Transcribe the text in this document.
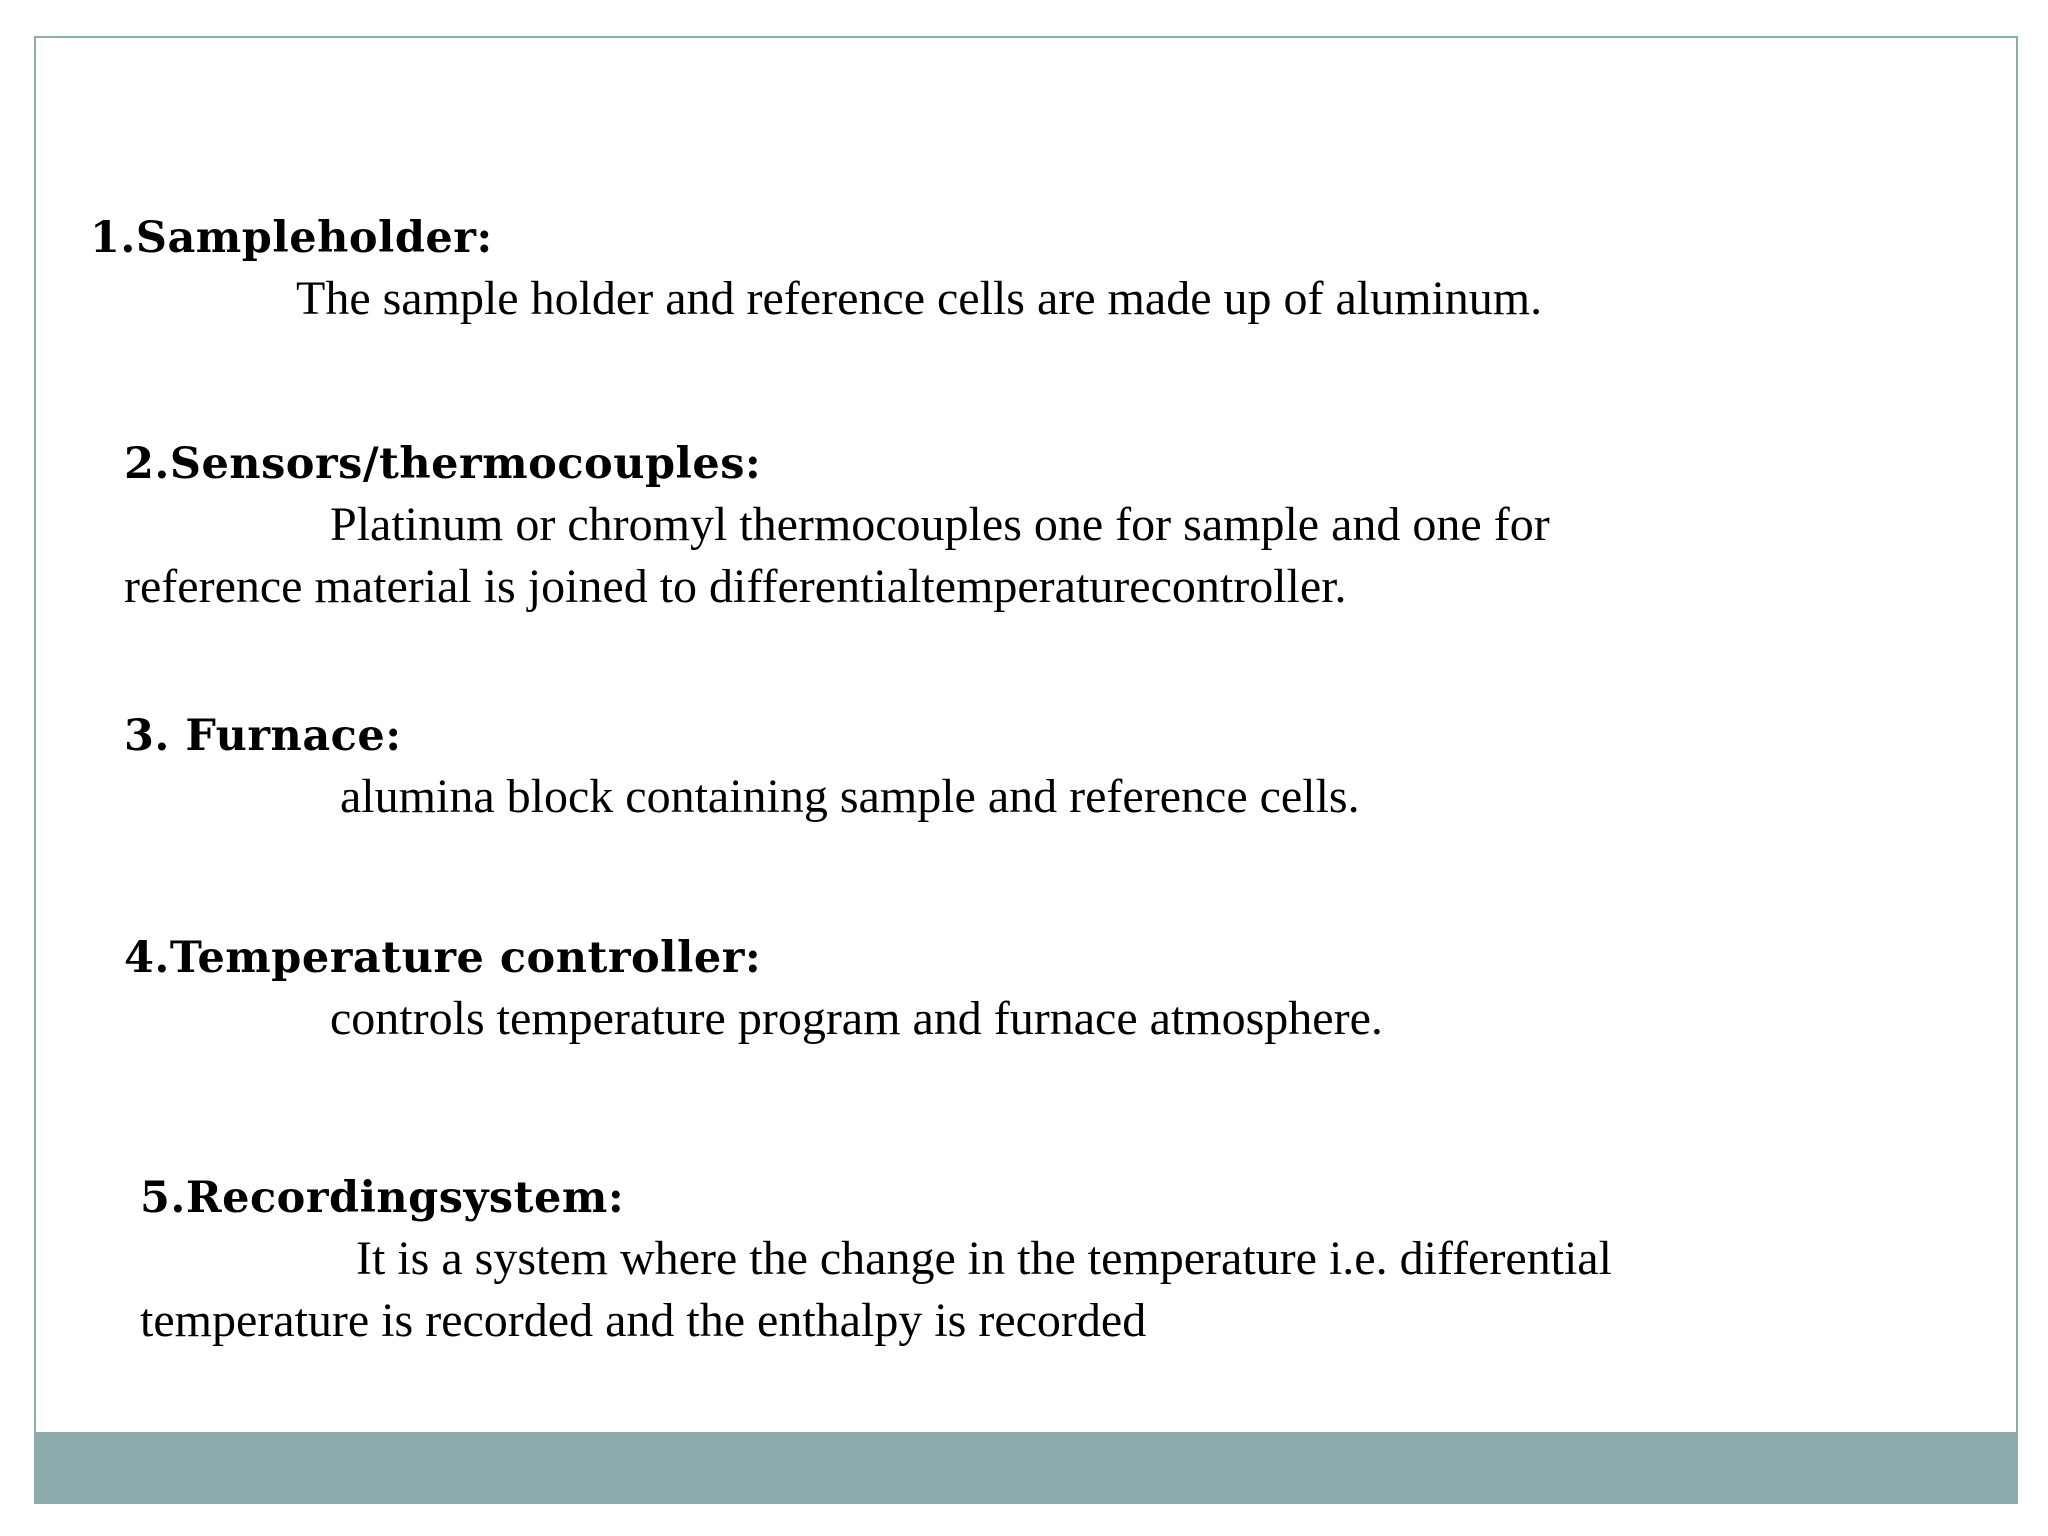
1.Sampleholder:
The sample holder and reference cells are made up of aluminum.
2.Sensors/thermocouples:
Platinum or chromyl thermocouples one for sample and one for
reference material is joined to differentialtemperaturecontroller.
3. Furnace:
alumina block containing sample and reference cells.
4.Temperature controller:
controls temperature program and furnace atmosphere.
5.Recordingsystem:
It is a system where the change in the temperature i.e. differential
temperature is recorded and the enthalpy is recorded
